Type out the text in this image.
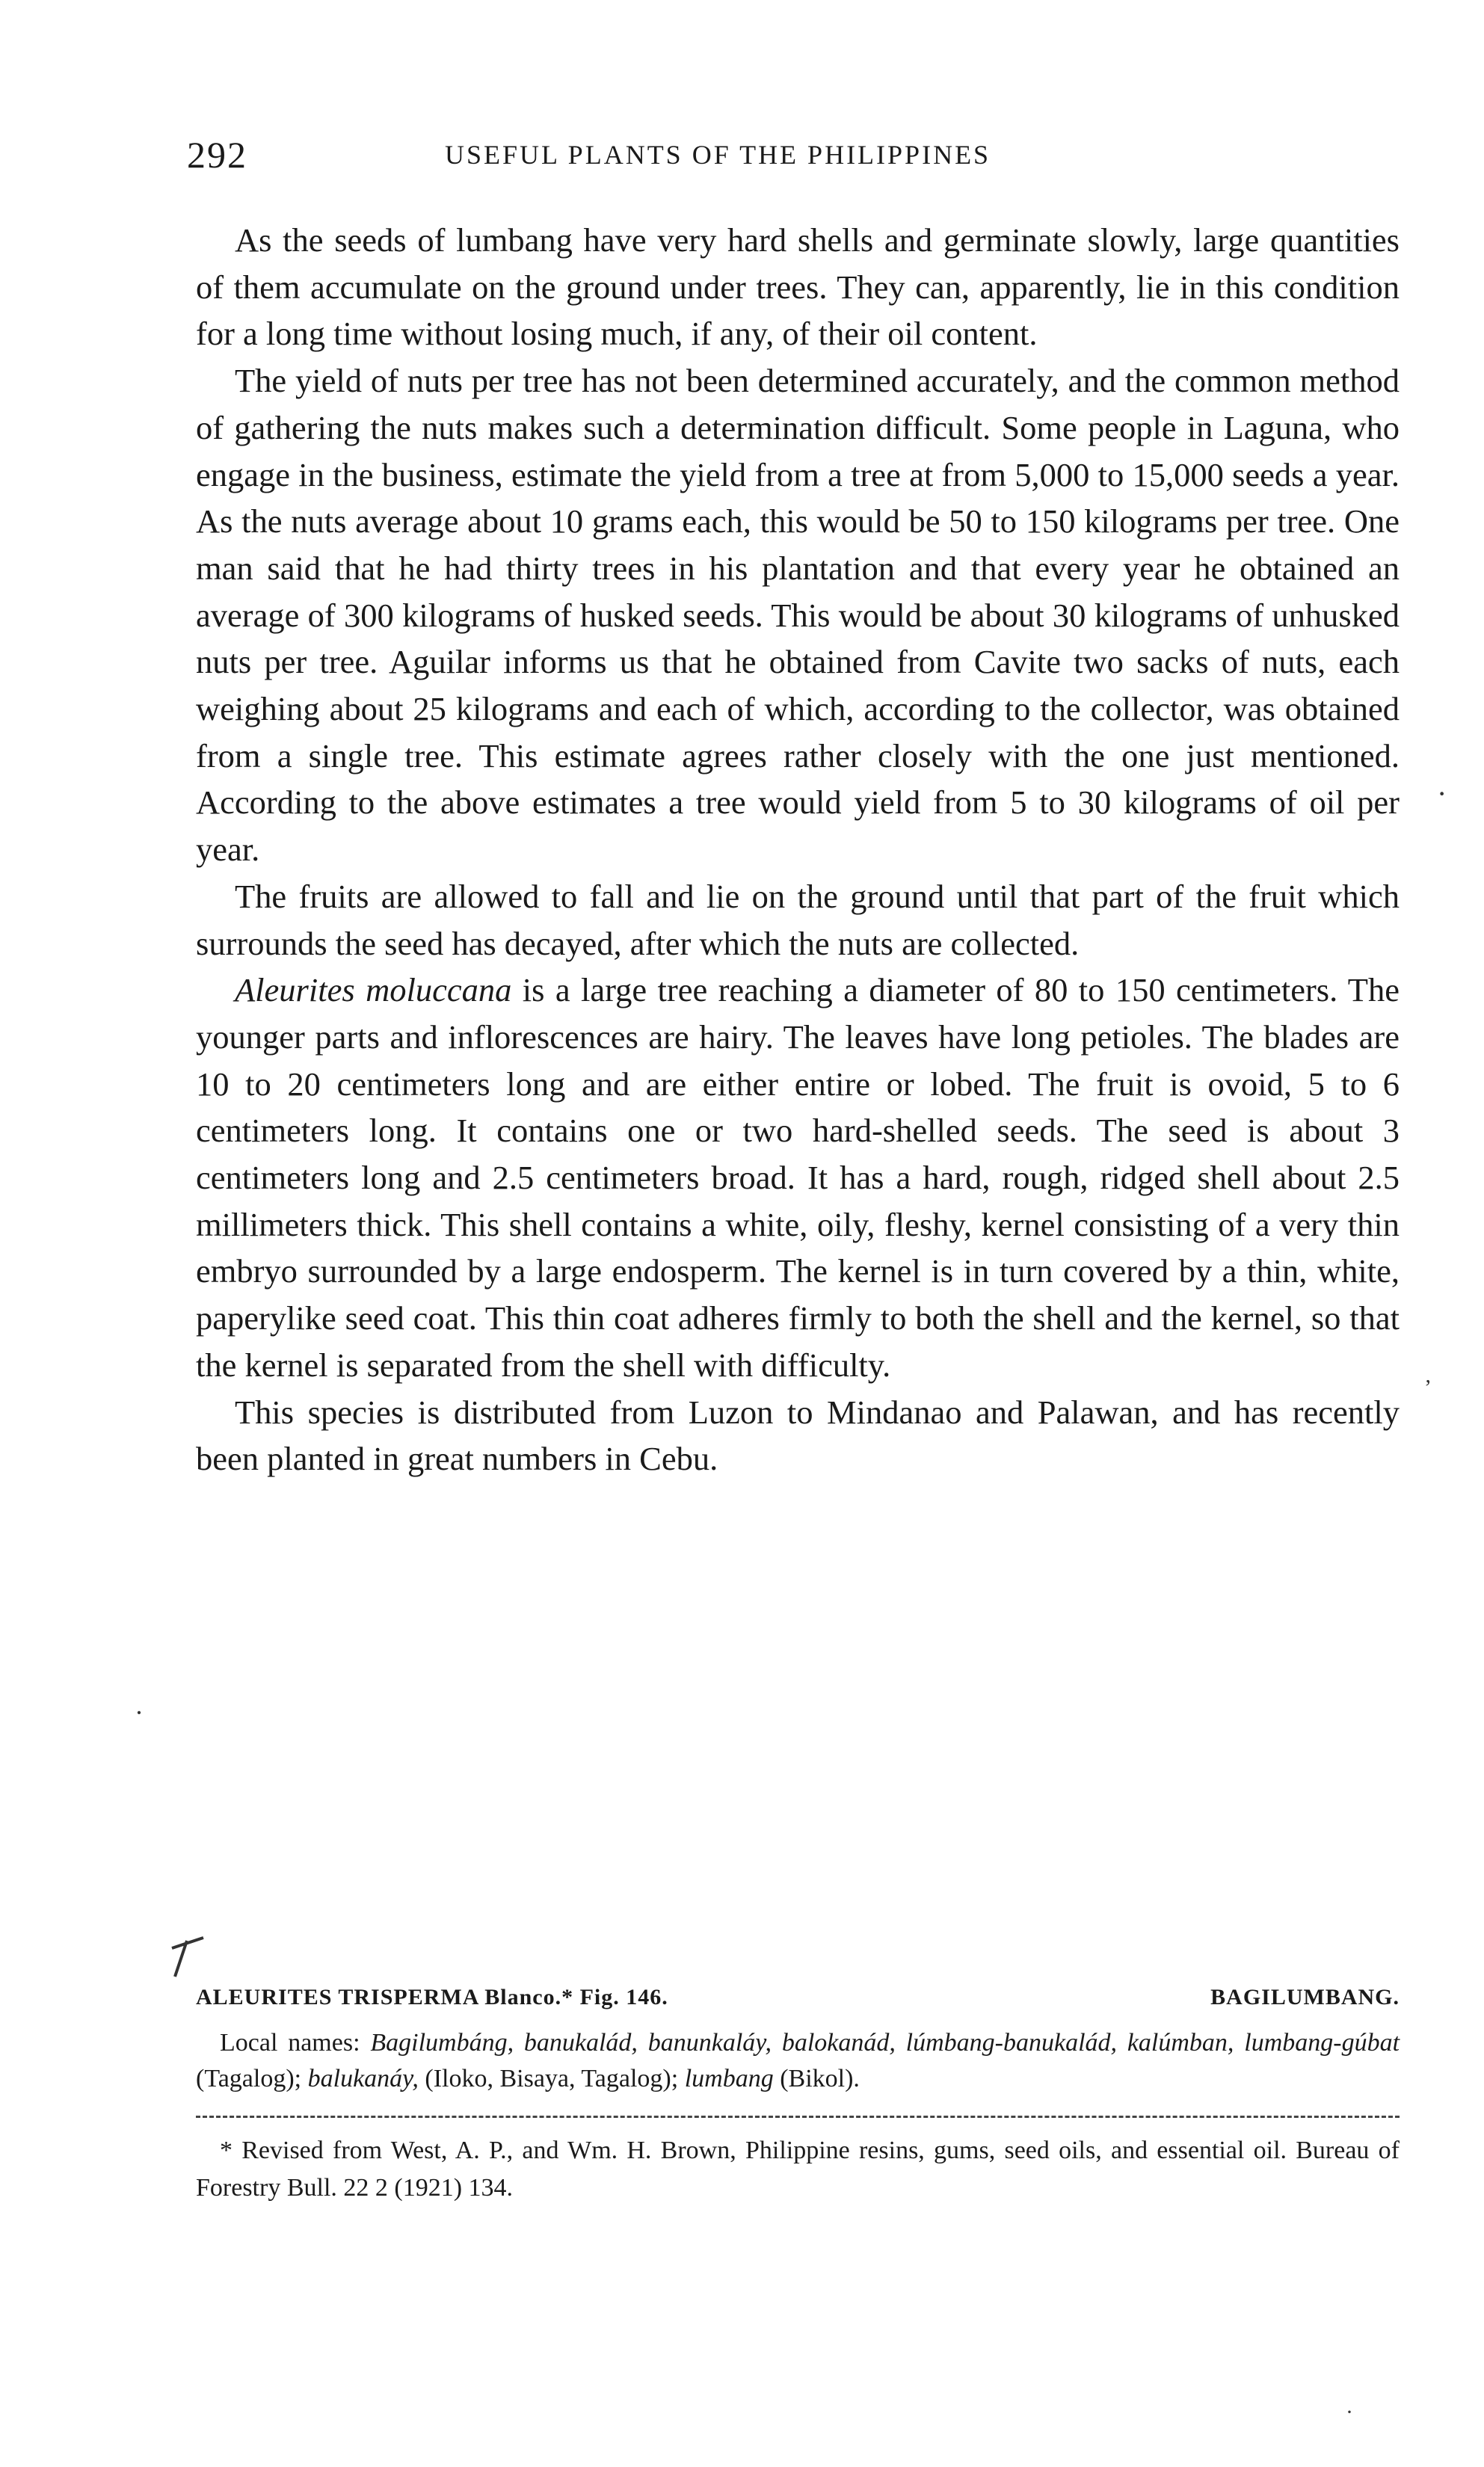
292	USEFUL PLANTS OF THE PHILIPPINES

As the seeds of lumbang have very hard shells and germinate slowly, large quantities of them accumulate on the ground under trees. They can, apparently, lie in this condition for a long time without losing much, if any, of their oil content.

The yield of nuts per tree has not been determined accurately, and the common method of gathering the nuts makes such a determination difficult. Some people in Laguna, who engage in the business, estimate the yield from a tree at from 5,000 to 15,000 seeds a year. As the nuts average about 10 grams each, this would be 50 to 150 kilograms per tree. One man said that he had thirty trees in his plantation and that every year he obtained an average of 300 kilograms of husked seeds. This would be about 30 kilograms of unhusked nuts per tree. Aguilar informs us that he obtained from Cavite two sacks of nuts, each weighing about 25 kilograms and each of which, according to the collector, was obtained from a single tree. This estimate agrees rather closely with the one just mentioned. According to the above estimates a tree would yield from 5 to 30 kilograms of oil per year.

The fruits are allowed to fall and lie on the ground until that part of the fruit which surrounds the seed has decayed, after which the nuts are collected.

Aleurites moluccana is a large tree reaching a diameter of 80 to 150 centimeters. The younger parts and inflorescences are hairy. The leaves have long petioles. The blades are 10 to 20 centimeters long and are either entire or lobed. The fruit is ovoid, 5 to 6 centimeters long. It contains one or two hard-shelled seeds. The seed is about 3 centimeters long and 2.5 centimeters broad. It has a hard, rough, ridged shell about 2.5 millimeters thick. This shell contains a white, oily, fleshy, kernel consisting of a very thin embryo surrounded by a large endosperm. The kernel is in turn covered by a thin, white, paperylike seed coat. This thin coat adheres firmly to both the shell and the kernel, so that the kernel is separated from the shell with difficulty.

This species is distributed from Luzon to Mindanao and Palawan, and has recently been planted in great numbers in Cebu.

ALEURITES TRISPERMA Blanco.* Fig. 146.	BAGILUMBANG.
Local names: Bagilumbáng, banukalád, banunkaláy, balokanád, lúmbang-banukalád, kalúmban, lumbang-gúbat (Tagalog); balukanáy, (Iloko, Bisaya, Tagalog); lumbang (Bikol).
* Revised from West, A. P., and Wm. H. Brown, Philippine resins, gums, seed oils, and essential oil. Bureau of Forestry Bull. 22 2 (1921) 134.
·
ʼ
·
·
